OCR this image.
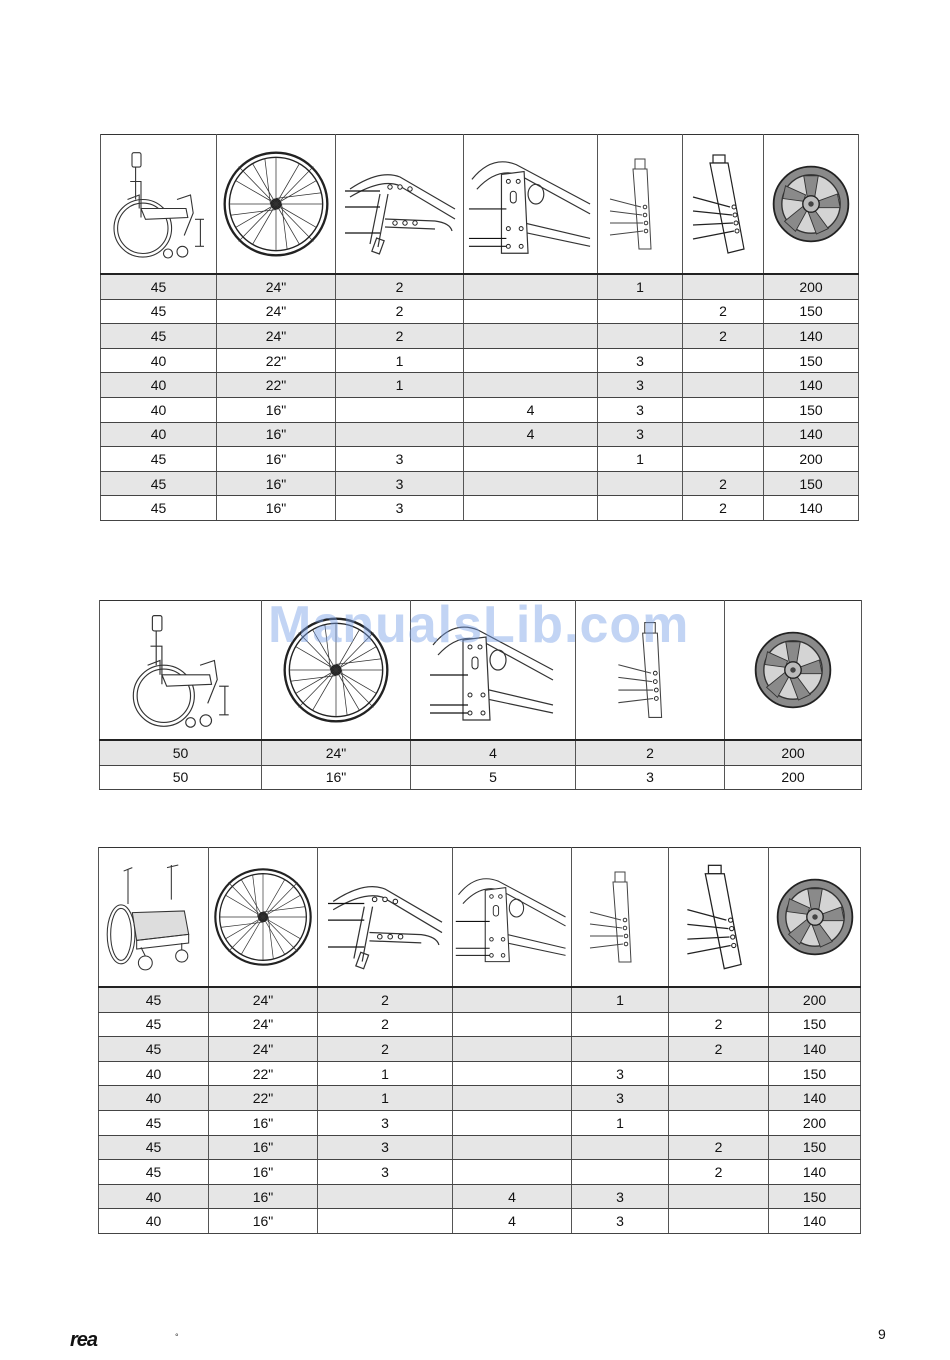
45	24"	2		1		200
45	24"	2			2	150
45	24"	2			2	140
40	22"	1		3		150
40	22"	1		3		140
40	16"		4	3		150
40	16"		4	3		140
45	16"	3		1		200
45	16"	3			2	150
45	16"	3			2	140

50	24"	4	2	200
50	16"	5	3	200
ManualsLib.com

45	24"	2		1		200
45	24"	2			2	150
45	24"	2			2	140
40	22"	1		3		150
40	22"	1		3		140
45	16"	3		1		200
45	16"	3			2	150
45	16"	3			2	140
40	16"		4	3		150
40	16"		4	3		140
rea	°	9
